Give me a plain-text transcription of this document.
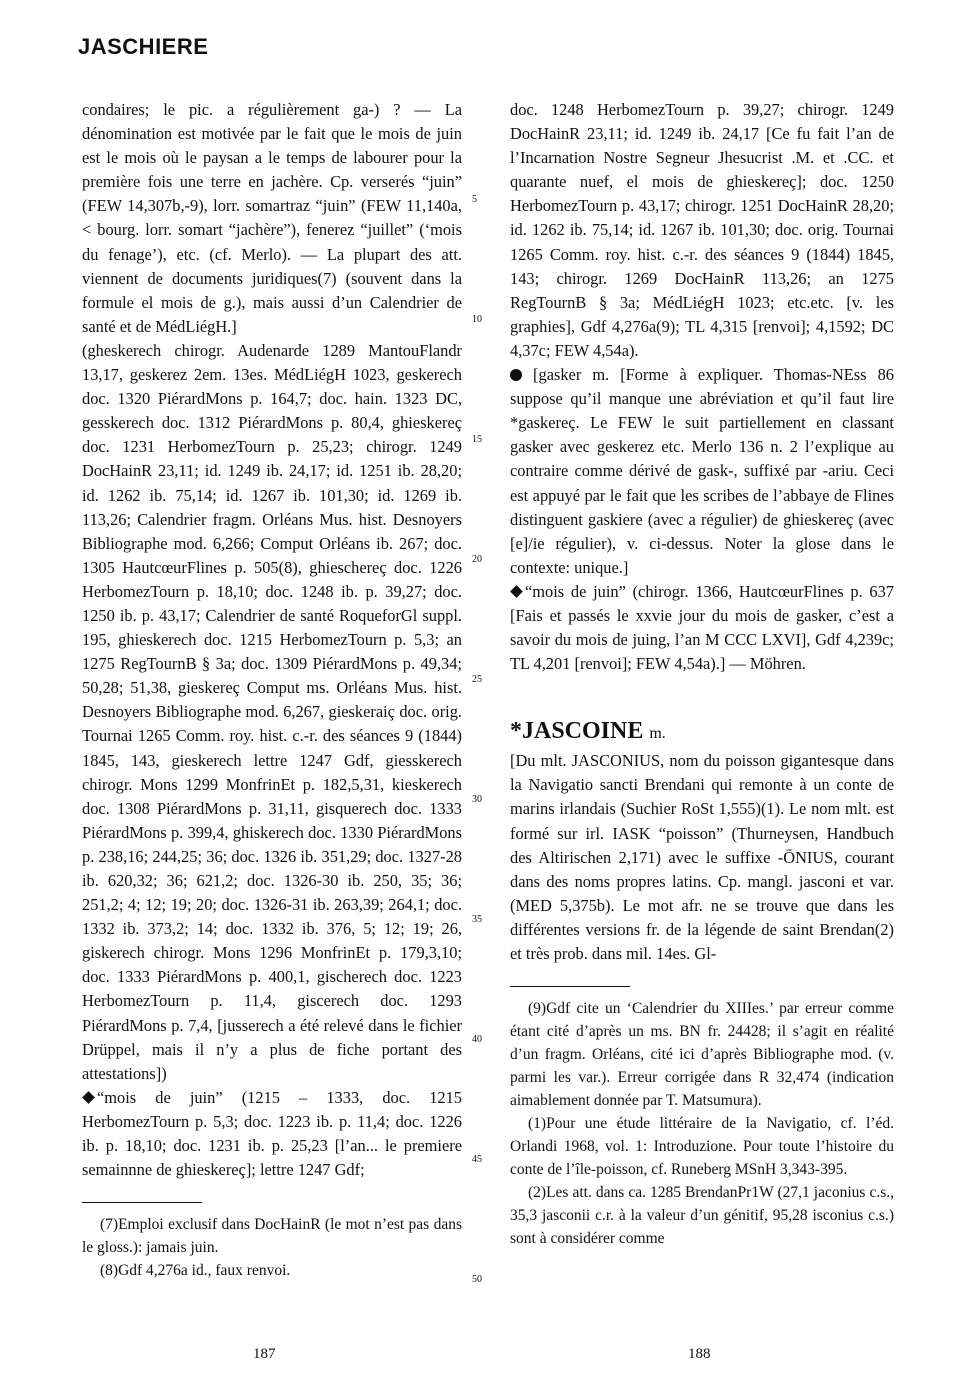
JASCHIERE

condaires; le pic. a régulièrement ga-) ? — La dénomination est motivée par le fait que le mois de juin est le mois où le paysan a le temps de labourer pour la première fois une terre en jachère. Cp. verserés “juin” (FEW 14,307b,-9), lorr. somartraz “juin” (FEW 11,140a, < bourg. lorr. somart “jachère”), fenerez “juillet” (‘mois du fenage’), etc. (cf. Merlo). — La plupart des att. viennent de documents juridiques(7) (souvent dans la formule el mois de g.), mais aussi d’un Calendrier de santé et de MédLiégH.]

(gheskerech chirogr. Audenarde 1289 MantouFlandr 13,17, geskerez 2em. 13es. MédLiégH 1023, geskerech doc. 1320 PiérardMons p. 164,7; doc. hain. 1323 DC, gesskerech doc. 1312 PiérardMons p. 80,4, ghieskereç doc. 1231 HerbomezTourn p. 25,23; chirogr. 1249 DocHainR 23,11; id. 1249 ib. 24,17; id. 1251 ib. 28,20; id. 1262 ib. 75,14; id. 1267 ib. 101,30; id. 1269 ib. 113,26; Calendrier fragm. Orléans Mus. hist. Desnoyers Bibliographe mod. 6,266; Comput Orléans ib. 267; doc. 1305 HautcœurFlines p. 505(8), ghieschereç doc. 1226 HerbomezTourn p. 18,10; doc. 1248 ib. p. 39,27; doc. 1250 ib. p. 43,17; Calendrier de santé RoqueforGl suppl. 195, ghieskerech doc. 1215 HerbomezTourn p. 5,3; an 1275 RegTournB § 3a; doc. 1309 PiérardMons p. 49,34; 50,28; 51,38, gieskereç Comput ms. Orléans Mus. hist. Desnoyers Bibliographe mod. 6,267, gieskeraiç doc. orig. Tournai 1265 Comm. roy. hist. c.-r. des séances 9 (1844) 1845, 143, gieskerech lettre 1247 Gdf, giesskerech chirogr. Mons 1299 MonfrinEt p. 182,5,31, kieskerech doc. 1308 PiérardMons p. 31,11, gisquerech doc. 1333 PiérardMons p. 399,4, ghiskerech doc. 1330 PiérardMons p. 238,16; 244,25; 36; doc. 1326 ib. 351,29; doc. 1327-28 ib. 620,32; 36; 621,2; doc. 1326-30 ib. 250, 35; 36; 251,2; 4; 12; 19; 20; doc. 1326-31 ib. 263,39; 264,1; doc. 1332 ib. 373,2; 14; doc. 1332 ib. 376, 5; 12; 19; 26, giskerech chirogr. Mons 1296 MonfrinEt p. 179,3,10; doc. 1333 PiérardMons p. 400,1, gischerech doc. 1223 HerbomezTourn p. 11,4, giscerech doc. 1293 PiérardMons p. 7,4, [jusserech a été relevé dans le fichier Drüppel, mais il n’y a plus de fiche portant des attestations])

“mois de juin” (1215 – 1333, doc. 1215 HerbomezTourn p. 5,3; doc. 1223 ib. p. 11,4; doc. 1226 ib. p. 18,10; doc. 1231 ib. p. 25,23 [l’an... le premiere semainnne de ghieskereç]; lettre 1247 Gdf;

(7)Emploi exclusif dans DocHainR (le mot n’est pas dans le gloss.): jamais juin.

(8)Gdf 4,276a id., faux renvoi.

5
10
15
20
25
30
35
40
45
50

doc. 1248 HerbomezTourn p. 39,27; chirogr. 1249 DocHainR 23,11; id. 1249 ib. 24,17 [Ce fu fait l’an de l’Incarnation Nostre Segneur Jhesucrist .M. et .CC. et quarante nuef, el mois de ghieskereç]; doc. 1250 HerbomezTourn p. 43,17; chirogr. 1251 DocHainR 28,20; id. 1262 ib. 75,14; id. 1267 ib. 101,30; doc. orig. Tournai 1265 Comm. roy. hist. c.-r. des séances 9 (1844) 1845, 143; chirogr. 1269 DocHainR 113,26; an 1275 RegTournB § 3a; MédLiégH 1023; etc.etc. [v. les graphies], Gdf 4,276a(9); TL 4,315 [renvoi]; 4,1592; DC 4,37c; FEW 4,54a).

[gasker m. [Forme à expliquer. Thomas-NEss 86 suppose qu’il manque une abréviation et qu’il faut lire *gaskereç. Le FEW le suit partiellement en classant gasker avec geskerez etc. Merlo 136 n. 2 l’explique au contraire comme dérivé de gask-, suffixé par -ariu. Ceci est appuyé par le fait que les scribes de l’abbaye de Flines distinguent gaskiere (avec a régulier) de ghieskereç (avec [e]/ie régulier), v. ci-dessus. Noter la glose dans le contexte: unique.]

“mois de juin” (chirogr. 1366, HautcœurFlines p. 637 [Fais et passés le xxvie jour du mois de gasker, c’est a savoir du mois de juing, l’an M CCC LXVI], Gdf 4,239c; TL 4,201 [renvoi]; FEW 4,54a).] — Möhren.

*JASCOINE m.

[Du mlt. JASCONIUS, nom du poisson gigantesque dans la Navigatio sancti Brendani qui remonte à un conte de marins irlandais (Suchier RoSt 1,555)(1). Le nom mlt. est formé sur irl. IASK “poisson” (Thurneysen, Handbuch des Altirischen 2,171) avec le suffixe -ŌNIUS, courant dans des noms propres latins. Cp. mangl. jasconi et var. (MED 5,375b). Le mot afr. ne se trouve que dans les différentes versions fr. de la légende de saint Brendan(2) et très prob. dans mil. 14es. Gl-

(9)Gdf cite un ‘Calendrier du XIIIes.’ par erreur comme étant cité d’après un ms. BN fr. 24428; il s’agit en réalité d’un fragm. Orléans, cité ici d’après Bibliographe mod. (v. parmi les var.). Erreur corrigée dans R 32,474 (indication aimablement donnée par T. Matsumura).

(1)Pour une étude littéraire de la Navigatio, cf. l’éd. Orlandi 1968, vol. 1: Introduzione. Pour toute l’histoire du conte de l’île-poisson, cf. Runeberg MSnH 3,343-395.

(2)Les att. dans ca. 1285 BrendanPr1W (27,1 jaconius c.s., 35,3 jasconii c.r. à la valeur d’un génitif, 95,28 isconius c.s.) sont à considérer comme

187	188
